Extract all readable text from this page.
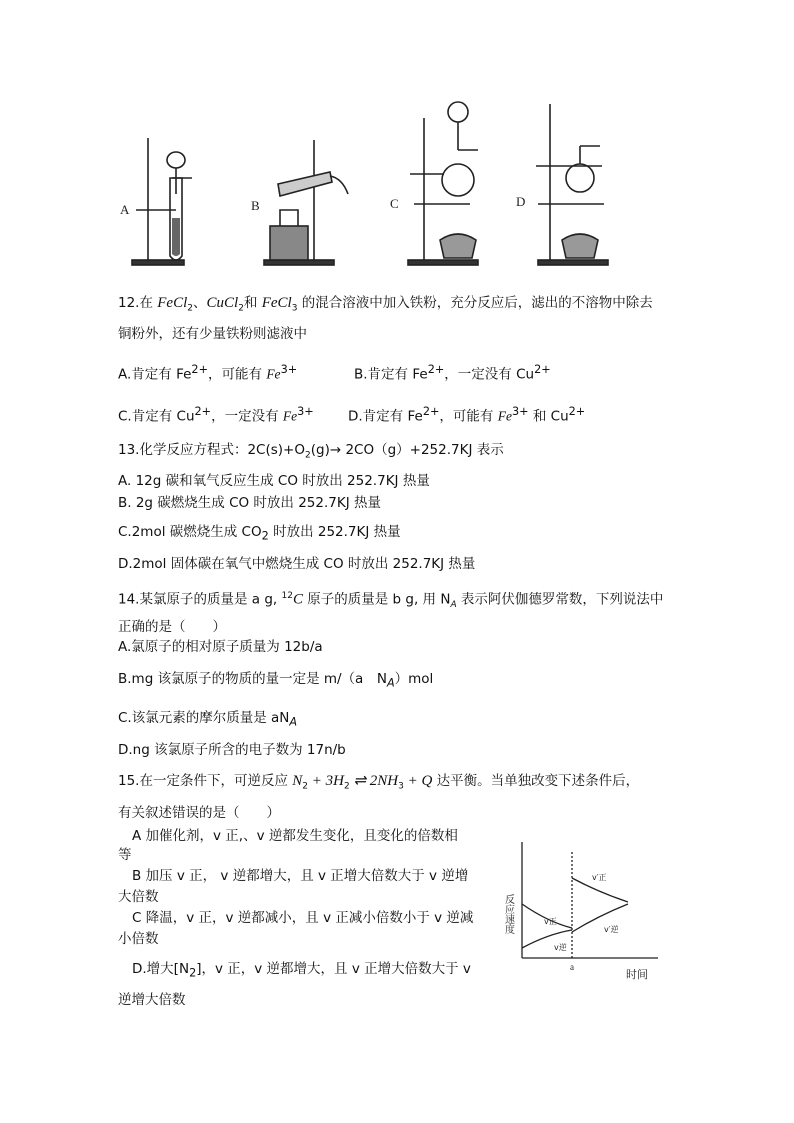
A	B	C	D
12.在 FeCl$_2$、CuCl$_2$和 FeCl$_3$ 的混合溶液中加入铁粉，充分反应后，滤出的不溶物中除去
铜粉外，还有少量铁粉则滤液中
A.肯定有 $Fe^{2+}$，可能有 $Fe^{3+}$	B.肯定有 $Fe^{2+}$，一定没有 $Cu^{2+}$
C.肯定有 $Cu^{2+}$，一定没有 $Fe^{3+}$	D.肯定有 $Fe^{2+}$，可能有 $Fe^{3+}$ 和 $Cu^{2+}$
13.化学反应方程式：$2C(s)+O_2(g)\to 2CO(g)+252.7KJ$ 表示
A. 12g 碳和氧气反应生成 CO 时放出 252.7KJ 热量
B. 2g 碳燃烧生成 CO 时放出 252.7KJ 热量
C.2mol 碳燃烧生成 $CO_2$ 时放出 252.7KJ 热量
D.2mol 固体碳在氧气中燃烧生成 CO 时放出 252.7KJ 热量
14.某氯原子的质量是 a g, $^{12}$C 原子的质量是 b g, 用 $N_A$ 表示阿伏伽德罗常数，下列说法中
正确的是（　　）
A.氯原子的相对原子质量为 12b/a
B.mg 该氯原子的物质的量一定是 m/（a　$N_A)mol$
C.该氯元素的摩尔质量是 $aN_A$
D.ng 该氯原子所含的电子数为 17n/b
15.在一定条件下，可逆反应 $N_2 + 3H_2$ ⇌ $2NH_3 + Q$ 达平衡。当单独改变下述条件后，
有关叙述错误的是（　　）
A 加催化剂，v 正,、v 逆都发生变化，且变化的倍数相
等
B 加压 v 正， v 逆都增大，且 v 正增大倍数大于 v 逆增
大倍数
C 降温，v 正，v 逆都减小，且 v 正减小倍数小于 v 逆减
小倍数
D.增大$[N_2]$，v 正，v 逆都增大，且 v 正增大倍数大于 v
逆增大倍数
反应速度
时间
a
v正
v逆
v′正
v′逆
